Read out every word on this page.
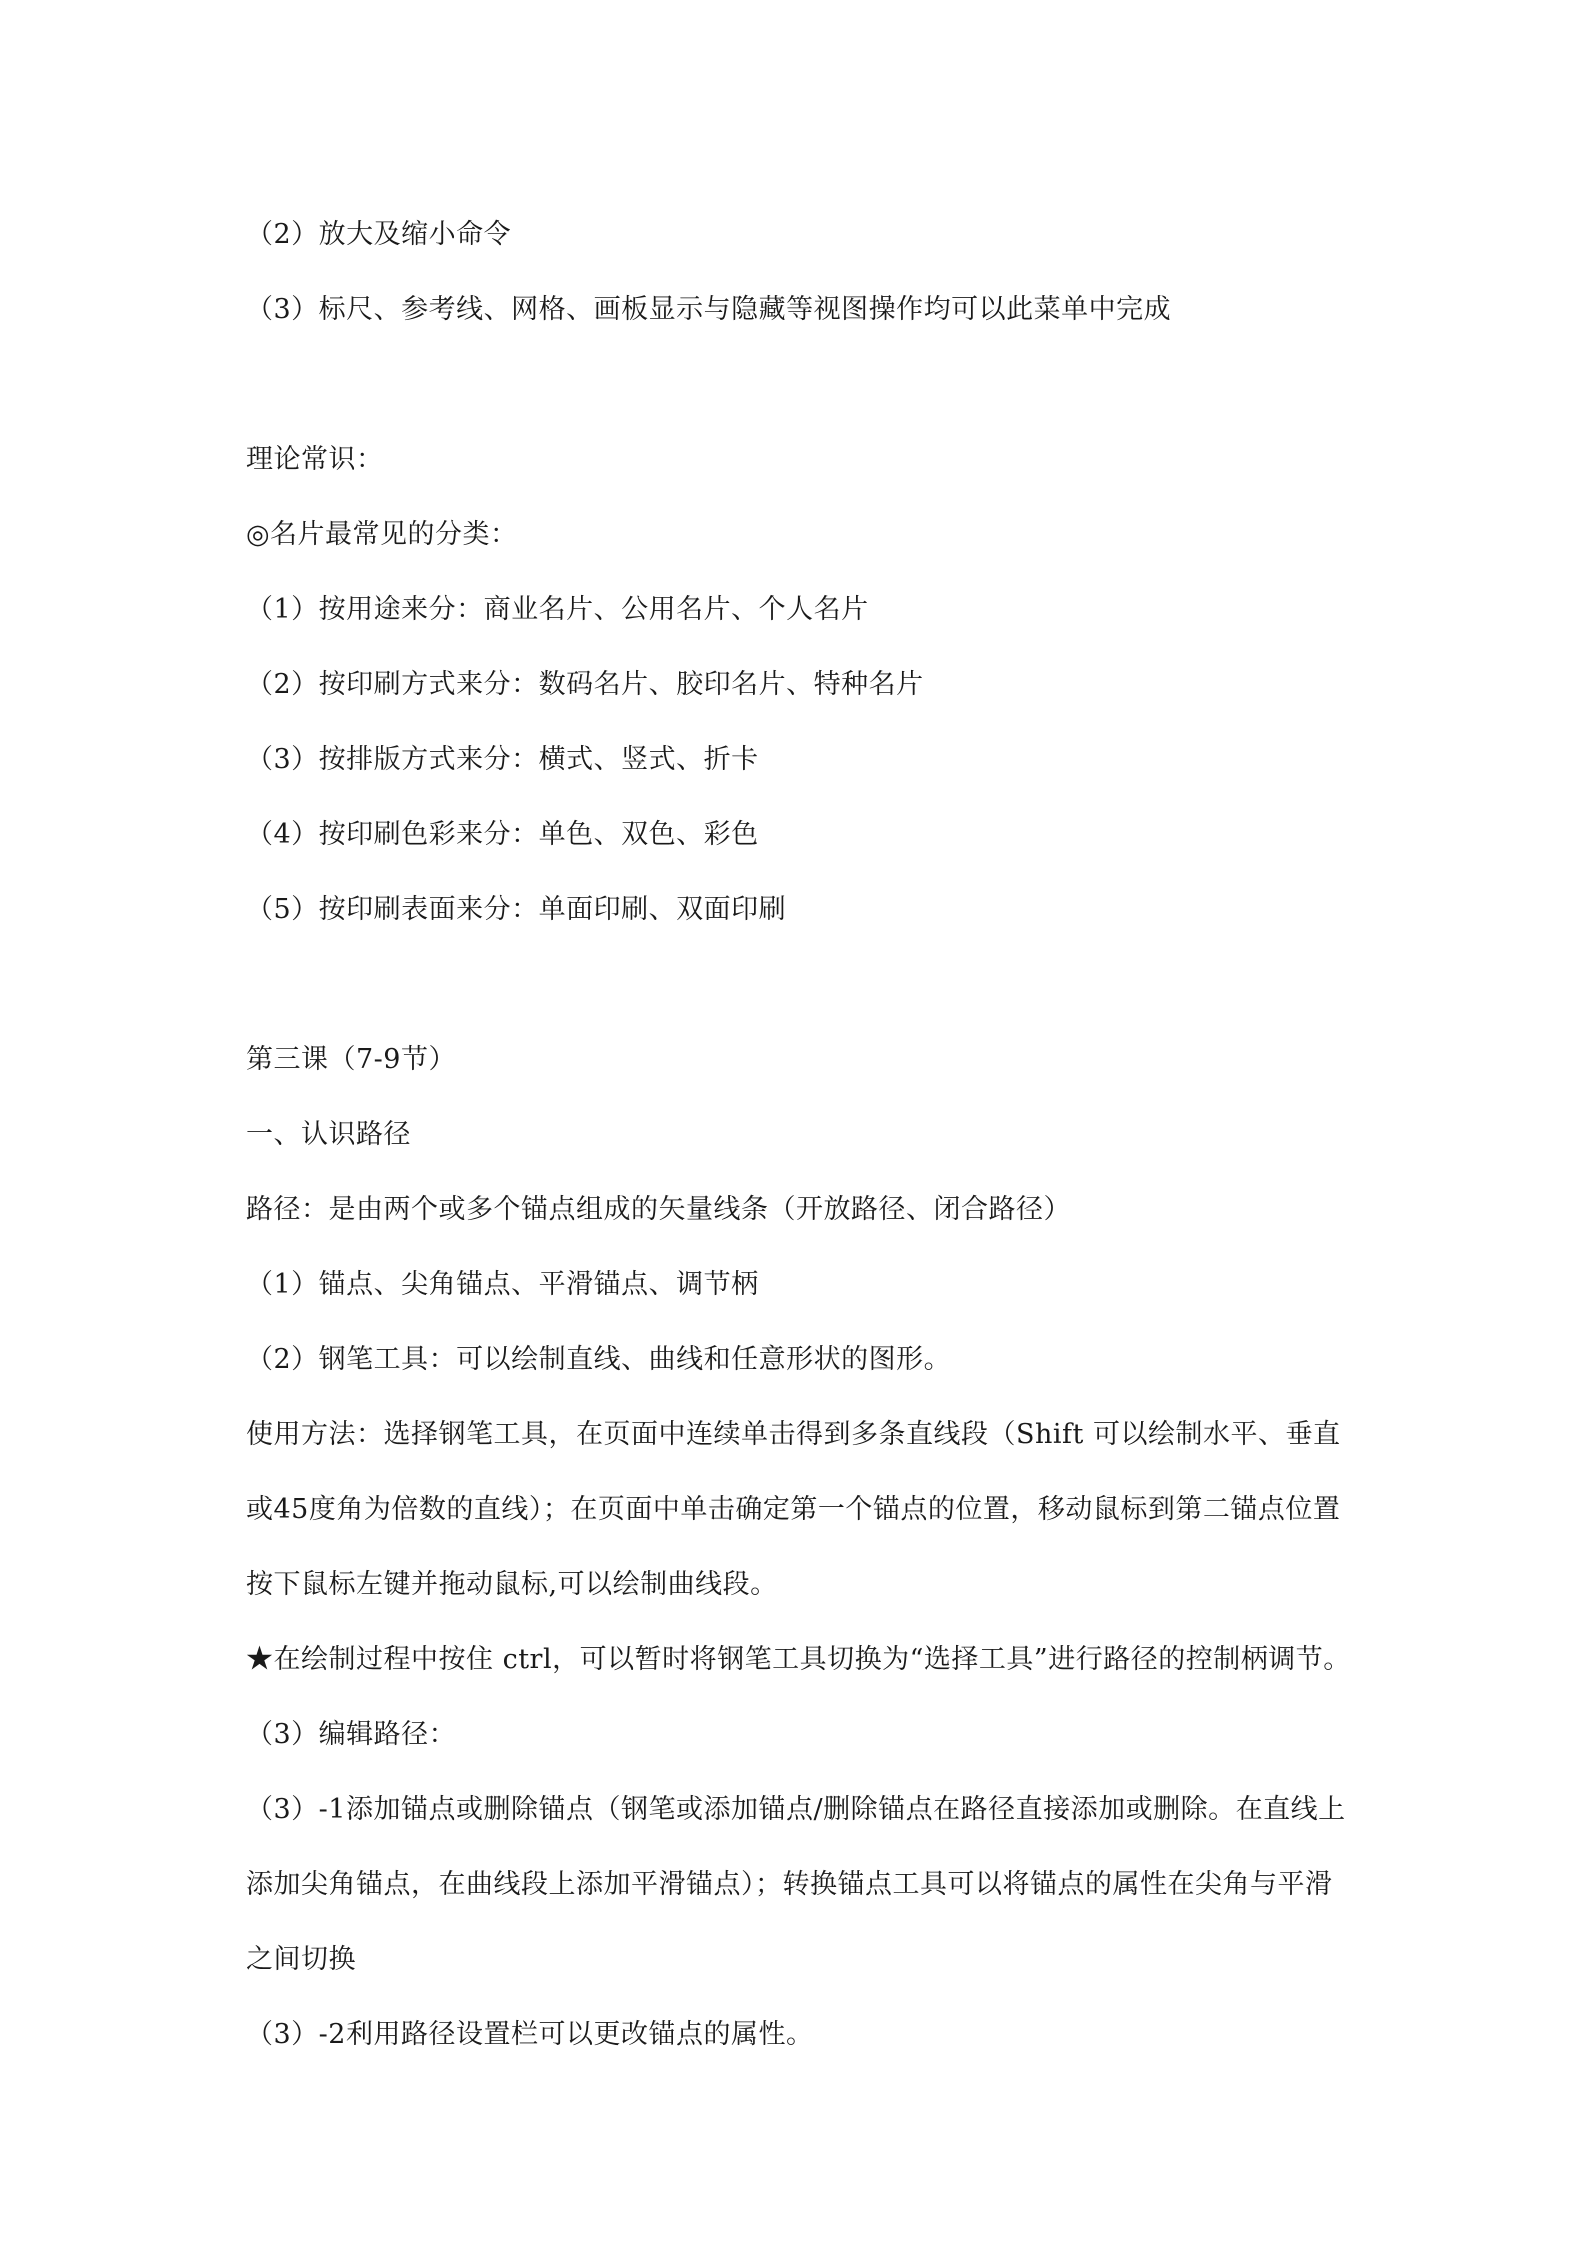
（2）放大及缩小命令
（3）标尺、参考线、网格、画板显示与隐藏等视图操作均可以此菜单中完成
理论常识：
◎名片最常见的分类：
（1）按用途来分：商业名片、公用名片、个人名片
（2）按印刷方式来分：数码名片、胶印名片、特种名片
（3）按排版方式来分：横式、竖式、折卡
（4）按印刷色彩来分：单色、双色、彩色
（5）按印刷表面来分：单面印刷、双面印刷
第三课（7-9节）
一、认识路径
路径：是由两个或多个锚点组成的矢量线条（开放路径、闭合路径）
（1）锚点、尖角锚点、平滑锚点、调节柄
（2）钢笔工具：可以绘制直线、曲线和任意形状的图形。
使用方法：选择钢笔工具，在页面中连续单击得到多条直线段（Shift 可以绘制水平、垂直
或45度角为倍数的直线）；在页面中单击确定第一个锚点的位置，移动鼠标到第二锚点位置
按下鼠标左键并拖动鼠标,可以绘制曲线段。
★在绘制过程中按住 ctrl，可以暂时将钢笔工具切换为“选择工具”进行路径的控制柄调节。
（3）编辑路径：
（3）-1添加锚点或删除锚点（钢笔或添加锚点/删除锚点在路径直接添加或删除。在直线上
添加尖角锚点，在曲线段上添加平滑锚点）；转换锚点工具可以将锚点的属性在尖角与平滑
之间切换
（3）-2利用路径设置栏可以更改锚点的属性。
